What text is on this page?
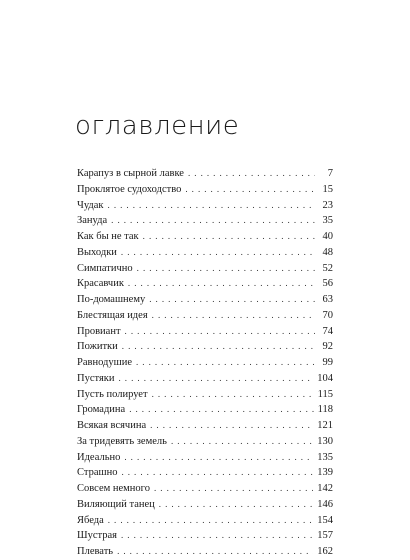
оглавление
Карапуз в сырной лавке . . .	7
Проклятое судоходство . . .	15
Чудак . . .	23
Зануда . . .	35
Как бы не так . . .	40
Выходки . . .	48
Симпатично . . .	52
Красавчик . . .	56
По-домашнему . . .	63
Блестящая идея . . .	70
Провиант . . .	74
Пожитки . . .	92
Равнодушие . . .	99
Пустяки . . .	104
Пусть полирует . . .	115
Громадина . . .	118
Всякая всячина . . .	121
За тридевять земель . . .	130
Идеально . . .	135
Страшно . . .	139
Совсем немного . . .	142
Виляющий танец . . .	146
Ябеда . . .	154
Шустрая . . .	157
Плевать . . .	162
